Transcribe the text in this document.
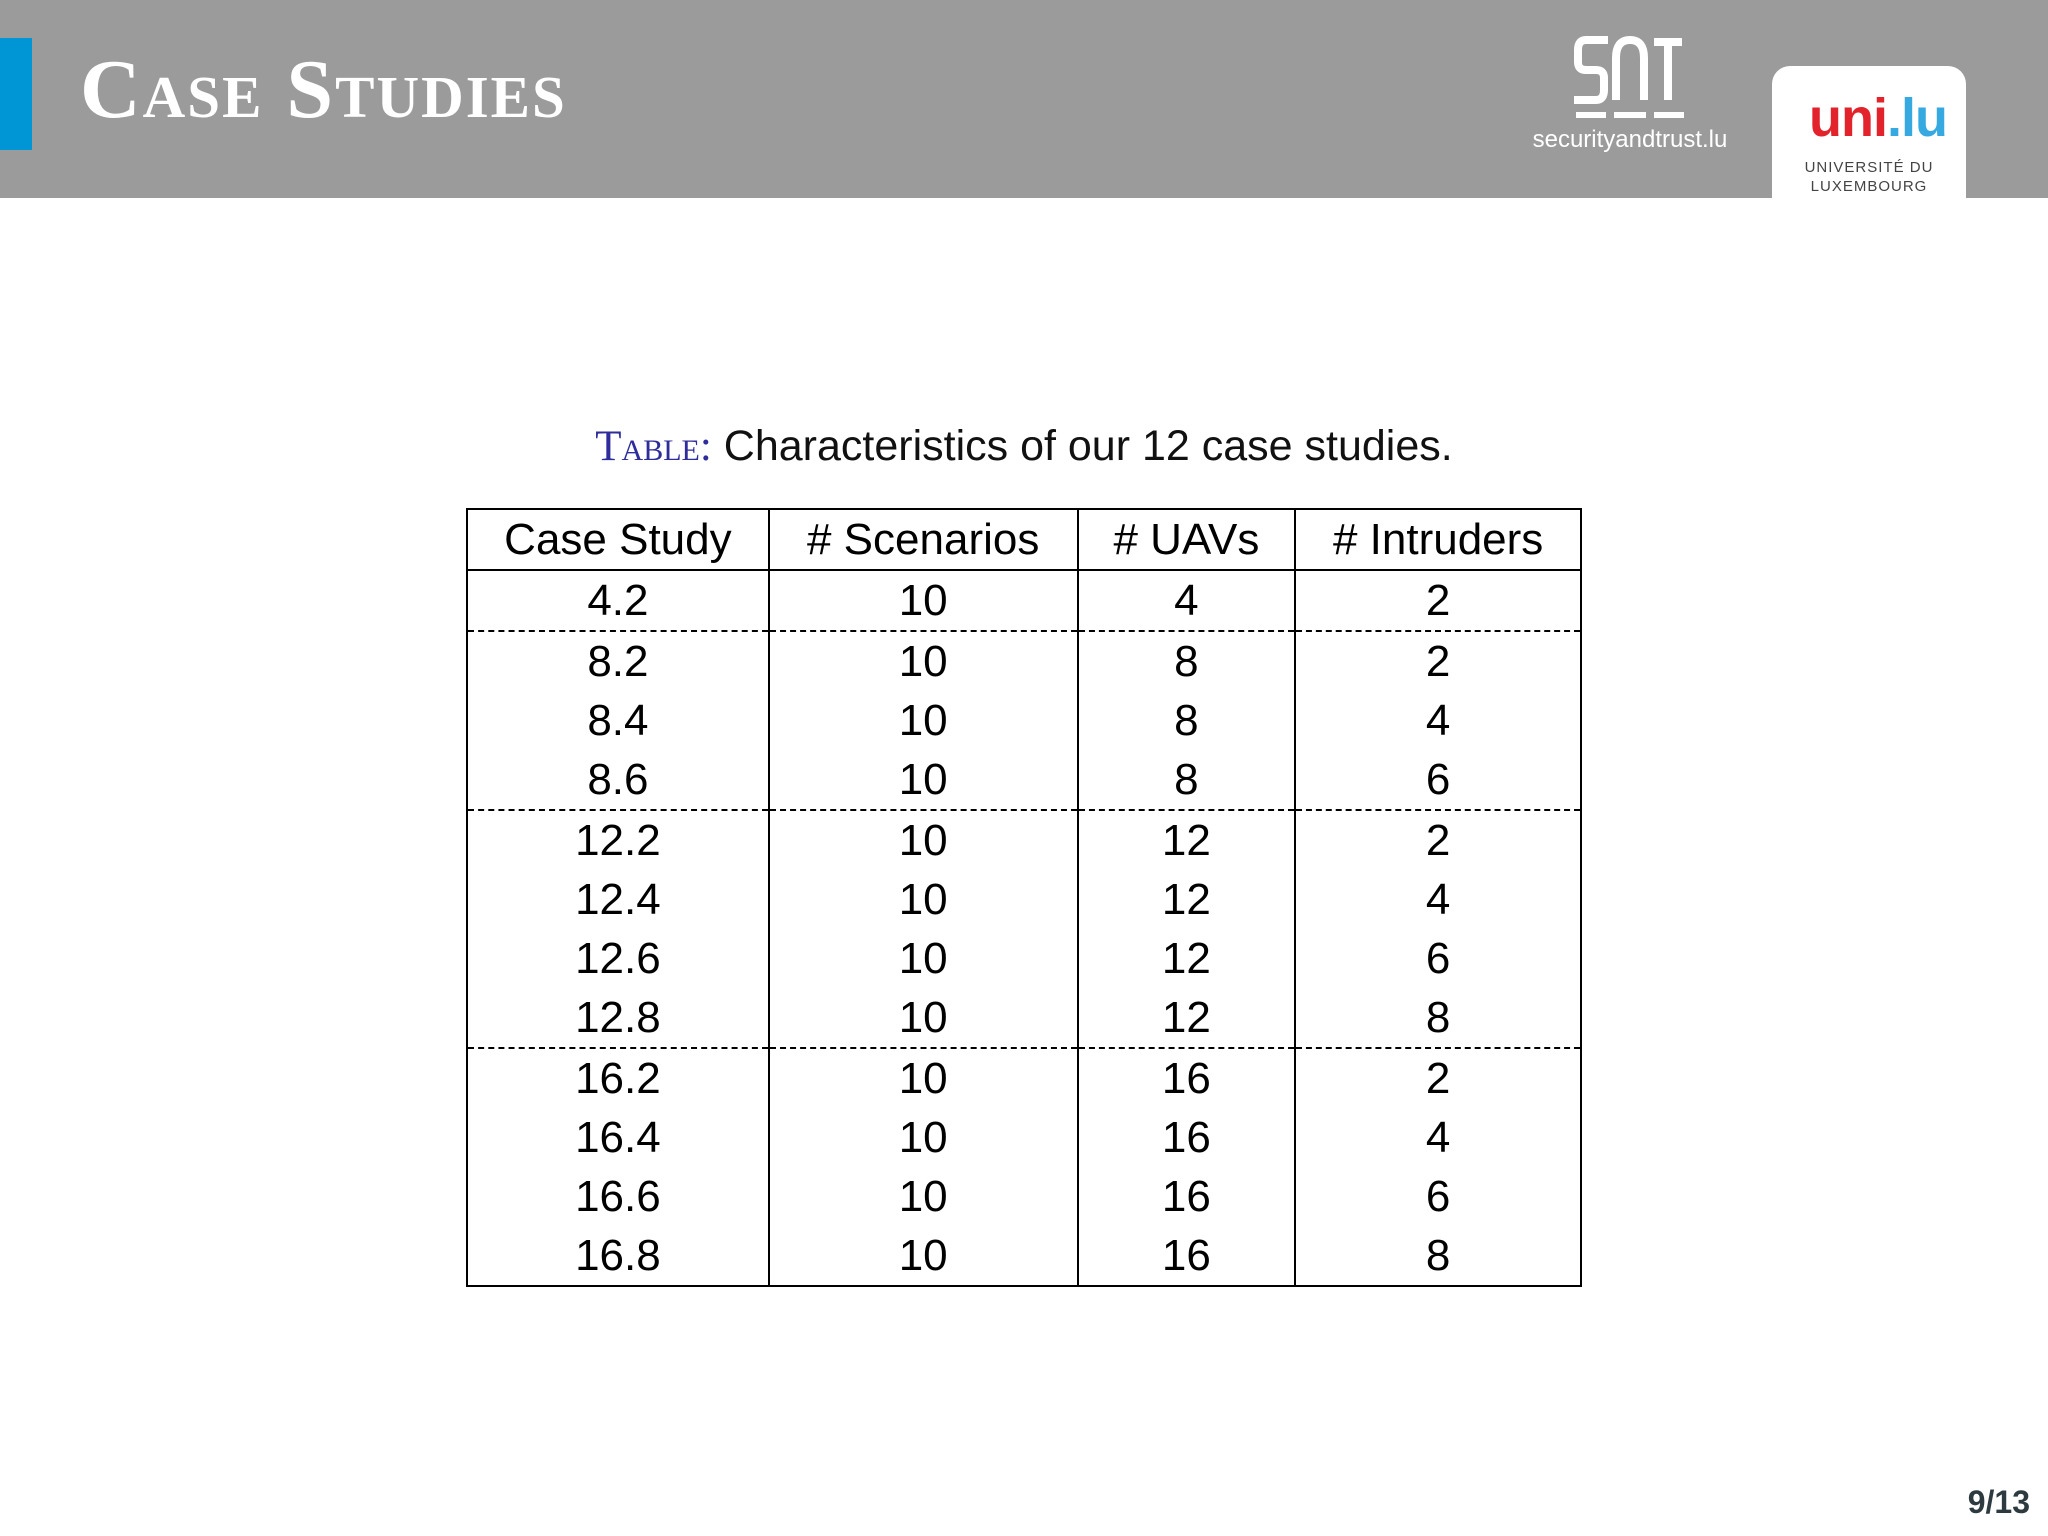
Case Studies
securityandtrust.lu uni.lu
UNIVERSITÉ DU
LUXEMBOURG
Table: Characteristics of our 12 case studies.
Case Study	# Scenarios	# UAVs	# Intruders
4.2	10	4	2
8.2	10	8	2
8.4	10	8	4
8.6	10	8	6
12.2	10	12	2
12.4	10	12	4
12.6	10	12	6
12.8	10	12	8
16.2	10	16	2
16.4	10	16	4
16.6	10	16	6
16.8	10	16	8
9/13
